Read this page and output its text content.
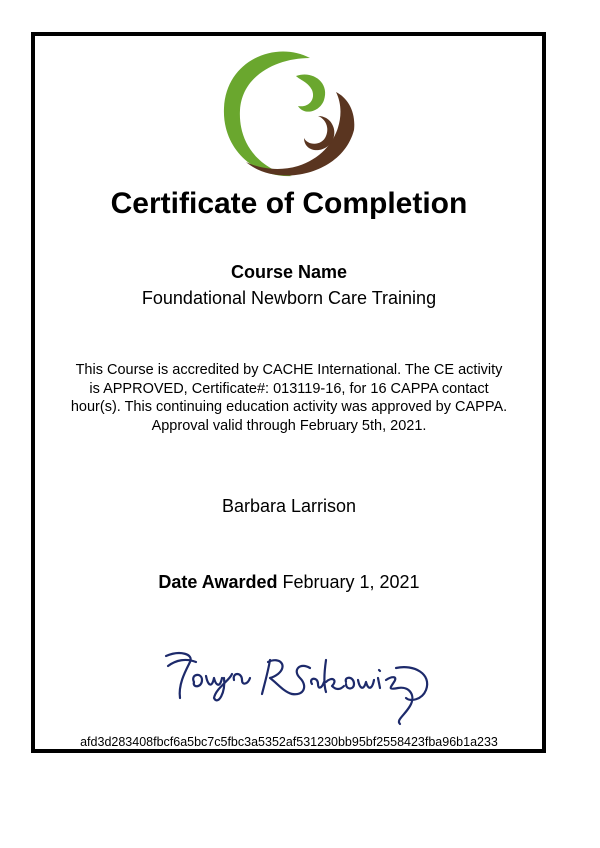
Certificate of Completion
Course Name
Foundational Newborn Care Training
This Course is accredited by CACHE International. The CE activity
is APPROVED, Certificate#: 013119-16, for 16 CAPPA contact
hour(s). This continuing education activity was approved by CAPPA.
Approval valid through February 5th, 2021.
Barbara Larrison
Date Awarded February 1, 2021
afd3d283408fbcf6a5bc7c5fbc3a5352af531230bb95bf2558423fba96b1a233
